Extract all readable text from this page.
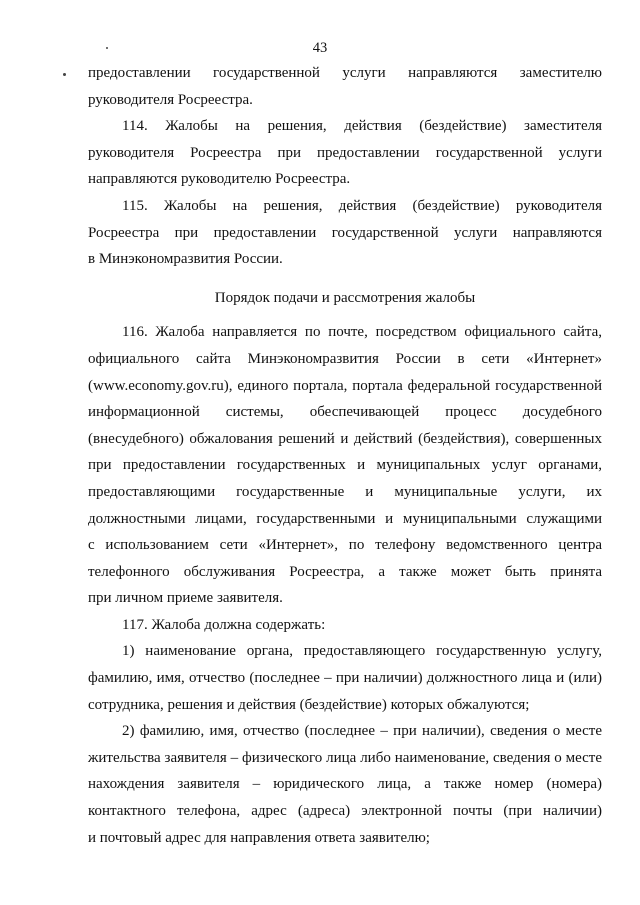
43
предоставлении государственной услуги направляются заместителю
руководителя Росреестра.
114. Жалобы на решения, действия (бездействие) заместителя
руководителя Росреестра при предоставлении государственной услуги
направляются руководителю Росреестра.
115. Жалобы на решения, действия (бездействие) руководителя
Росреестра при предоставлении государственной услуги направляются
в Минэкономразвития России.
Порядок подачи и рассмотрения жалобы
116. Жалоба направляется по почте, посредством официального сайта,
официального сайта Минэкономразвития России в сети «Интернет»
(www.economy.gov.ru), единого портала, портала федеральной государственной
информационной системы, обеспечивающей процесс досудебного
(внесудебного) обжалования решений и действий (бездействия), совершенных
при предоставлении государственных и муниципальных услуг органами,
предоставляющими государственные и муниципальные услуги, их
должностными лицами, государственными и муниципальными служащими
с использованием сети «Интернет», по телефону ведомственного центра
телефонного обслуживания Росреестра, а также может быть принята
при личном приеме заявителя.
117. Жалоба должна содержать:
1) наименование органа, предоставляющего государственную услугу,
фамилию, имя, отчество (последнее – при наличии) должностного лица и (или)
сотрудника, решения и действия (бездействие) которых обжалуются;
2) фамилию, имя, отчество (последнее – при наличии), сведения о месте
жительства заявителя – физического лица либо наименование, сведения о месте
нахождения заявителя – юридического лица, а также номер (номера)
контактного телефона, адрес (адреса) электронной почты (при наличии)
и почтовый адрес для направления ответа заявителю;
